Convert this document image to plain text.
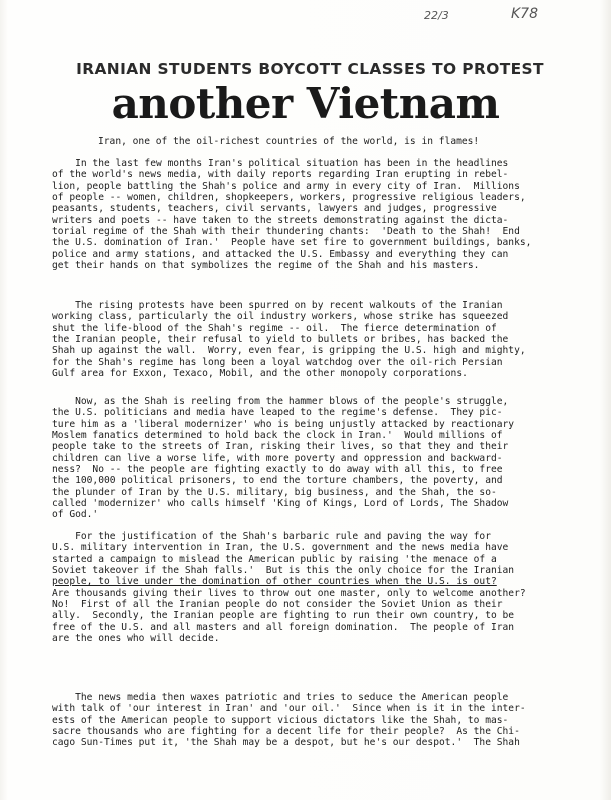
22/3	K78
IRANIAN STUDENTS BOYCOTT CLASSES TO PROTEST
another Vietnam
Iran, one of the oil-richest countries of the world, is in flames!
In the last few months Iran's political situation has been in the headlines
of the world's news media, with daily reports regarding Iran erupting in rebel-
lion, people battling the Shah's police and army in every city of Iran.  Millions
of people -- women, children, shopkeepers, workers, progressive religious leaders,
peasants, students, teachers, civil servants, lawyers and judges, progressive
writers and poets -- have taken to the streets demonstrating against the dicta-
torial regime of the Shah with their thundering chants:  'Death to the Shah!  End
the U.S. domination of Iran.'  People have set fire to government buildings, banks,
police and army stations, and attacked the U.S. Embassy and everything they can
get their hands on that symbolizes the regime of the Shah and his masters.
The rising protests have been spurred on by recent walkouts of the Iranian
working class, particularly the oil industry workers, whose strike has squeezed
shut the life-blood of the Shah's regime -- oil.  The fierce determination of
the Iranian people, their refusal to yield to bullets or bribes, has backed the
Shah up against the wall.  Worry, even fear, is gripping the U.S. high and mighty,
for the Shah's regime has long been a loyal watchdog over the oil-rich Persian
Gulf area for Exxon, Texaco, Mobil, and the other monopoly corporations.
Now, as the Shah is reeling from the hammer blows of the people's struggle,
the U.S. politicians and media have leaped to the regime's defense.  They pic-
ture him as a 'liberal modernizer' who is being unjustly attacked by reactionary
Moslem fanatics determined to hold back the clock in Iran.'  Would millions of
people take to the streets of Iran, risking their lives, so that they and their
children can live a worse life, with more poverty and oppression and backward-
ness?  No -- the people are fighting exactly to do away with all this, to free
the 100,000 political prisoners, to end the torture chambers, the poverty, and
the plunder of Iran by the U.S. military, big business, and the Shah, the so-
called 'modernizer' who calls himself 'King of Kings, Lord of Lords, The Shadow
of God.'
For the justification of the Shah's barbaric rule and paving the way for
U.S. military intervention in Iran, the U.S. government and the news media have
started a campaign to mislead the American public by raising 'the menace of a
Soviet takeover if the Shah falls.'  But is this the only choice for the Iranian
people, to live under the domination of other countries when the U.S. is out?
Are thousands giving their lives to throw out one master, only to welcome another?
No!  First of all the Iranian people do not consider the Soviet Union as their
ally.  Secondly, the Iranian people are fighting to run their own country, to be
free of the U.S. and all masters and all foreign domination.  The people of Iran
are the ones who will decide.
The news media then waxes patriotic and tries to seduce the American people
with talk of 'our interest in Iran' and 'our oil.'  Since when is it in the inter-
ests of the American people to support vicious dictators like the Shah, to mas-
sacre thousands who are fighting for a decent life for their people?  As the Chi-
cago Sun-Times put it, 'the Shah may be a despot, but he's our despot.'  The Shah
